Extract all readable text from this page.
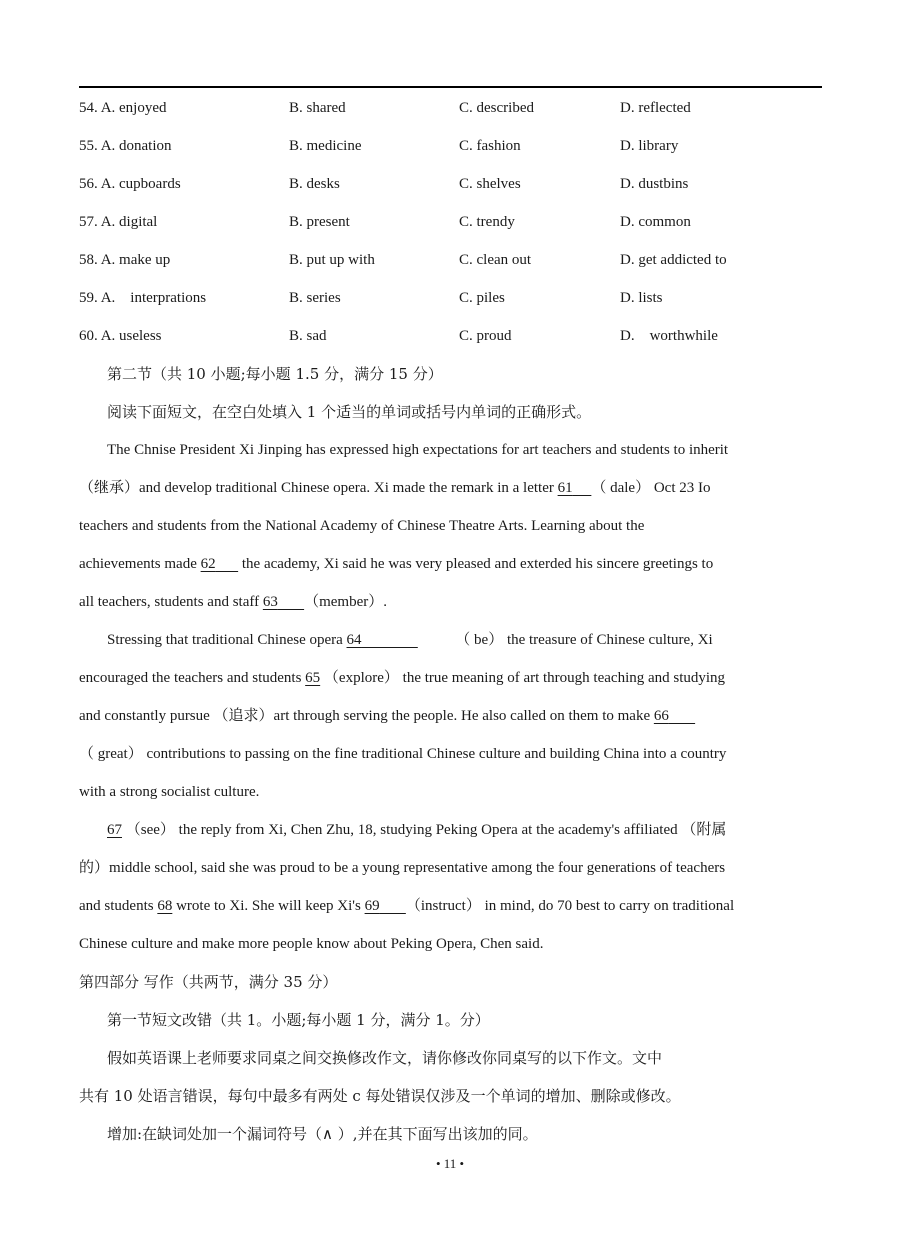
54. A. enjoyed	B. shared	C. described	D. reflected
55. A. donation	B. medicine	C. fashion	D. library
56. A. cupboards	B. desks	C. shelves	D. dustbins
57. A. digital	B. present	C. trendy	D. common
58. A. make up	B. put up with	C. clean out	D. get addicted to
59. A.    interprations	B. series	C. piles	D. lists
60. A. useless	B. sad	C. proud	D.    worthwhile
第二节（共 10 小题;每小题 1.5 分，满分 15 分）
阅读下面短文，在空白处填入 1 个适当的单词或括号内单词的正确形式。
The Chnise President Xi Jinping has expressed high expectations for art teachers and students to inherit
（继承）and develop traditional Chinese opera. Xi made the remark in a letter 61 （ dale） Oct 23 Io
teachers and students from the National Academy of Chinese Theatre Arts. Learning about the
achievements made 62       the academy, Xi said he was very pleased and exterded his sincere greetings to
all teachers, students and staff 63 （member）.
Stressing that traditional Chinese opera 64	（ be） the treasure of Chinese culture, Xi
encouraged the teachers and students 65 （explore） the true meaning of art through teaching and studying
and constantly pursue （追求）art through serving the people. He also called on them to make 66
（ great） contributions to passing on the fine traditional Chinese culture and building China into a country
with a strong socialist culture.
67 （see） the reply from Xi, Chen Zhu, 18, studying Peking Opera at the academy's affiliated （附属
的）middle school, said she was proud to be a young representative among the four generations of teachers
and students 68 wrote to Xi. She will keep Xi's 69 （instruct） in mind, do 70 best to carry on traditional
Chinese culture and make more people know about Peking Opera, Chen said.
第四部分 写作（共两节，满分 35 分）
第一节短文改错（共 1。小题;每小题 1 分，满分 1。分）
假如英语课上老师要求同桌之间交换修改作文，请你修改你同桌写的以下作文。文中
共有 10 处语言错误，每句中最多有两处 c 每处错误仅涉及一个单词的增加、删除或修改。
增加:在缺词处加一个漏词符号（∧ ）,并在其下面写出该加的同。
• 11 •
